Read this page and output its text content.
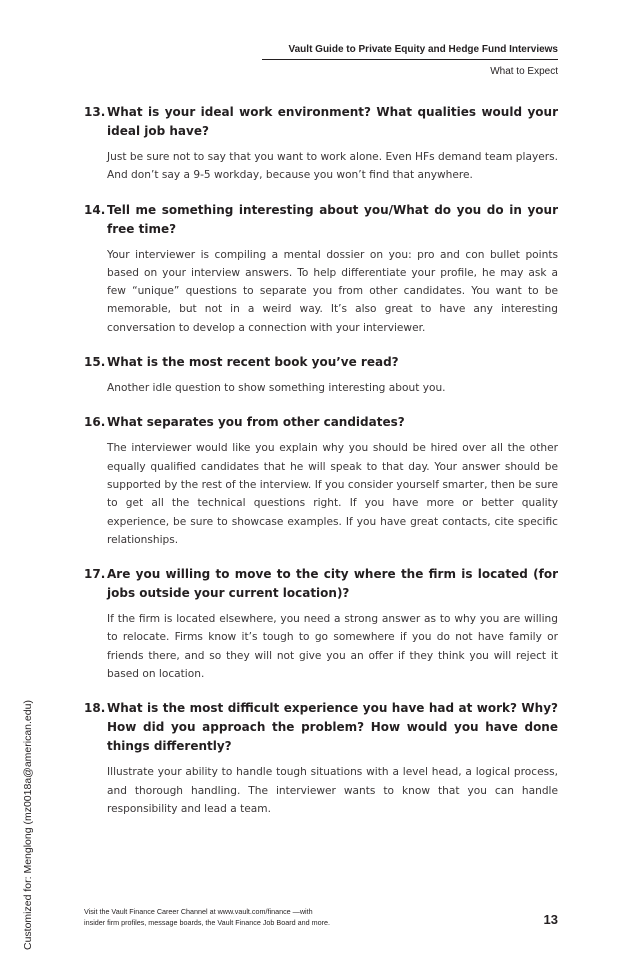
Vault Guide to Private Equity and Hedge Fund Interviews
What to Expect
13. What is your ideal work environment? What qualities would your ideal job have?
Just be sure not to say that you want to work alone. Even HFs demand team players. And don’t say a 9-5 workday, because you won’t find that anywhere.
14. Tell me something interesting about you/What do you do in your free time?
Your interviewer is compiling a mental dossier on you: pro and con bullet points based on your interview answers. To help differentiate your profile, he may ask a few “unique” questions to separate you from other candidates. You want to be memorable, but not in a weird way. It’s also great to have any interesting conversation to develop a connection with your interviewer.
15. What is the most recent book you’ve read?
Another idle question to show something interesting about you.
16. What separates you from other candidates?
The interviewer would like you explain why you should be hired over all the other equally qualified candidates that he will speak to that day. Your answer should be supported by the rest of the interview. If you consider yourself smarter, then be sure to get all the technical questions right. If you have more or better quality experience, be sure to showcase examples. If you have great contacts, cite specific relationships.
17. Are you willing to move to the city where the firm is located (for jobs outside your current location)?
If the firm is located elsewhere, you need a strong answer as to why you are willing to relocate. Firms know it’s tough to go somewhere if you do not have family or friends there, and so they will not give you an offer if they think you will reject it based on location.
18. What is the most difficult experience you have had at work? Why? How did you approach the problem? How would you have done things differently?
Illustrate your ability to handle tough situations with a level head, a logical process, and thorough handling. The interviewer wants to know that you can handle responsibility and lead a team.
Customized for: Menglong (mz0018a@american.edu)	Visit the Vault Finance Career Channel at www.vault.com/finance —with
insider firm profiles, message boards, the Vault Finance Job Board and more.	13
